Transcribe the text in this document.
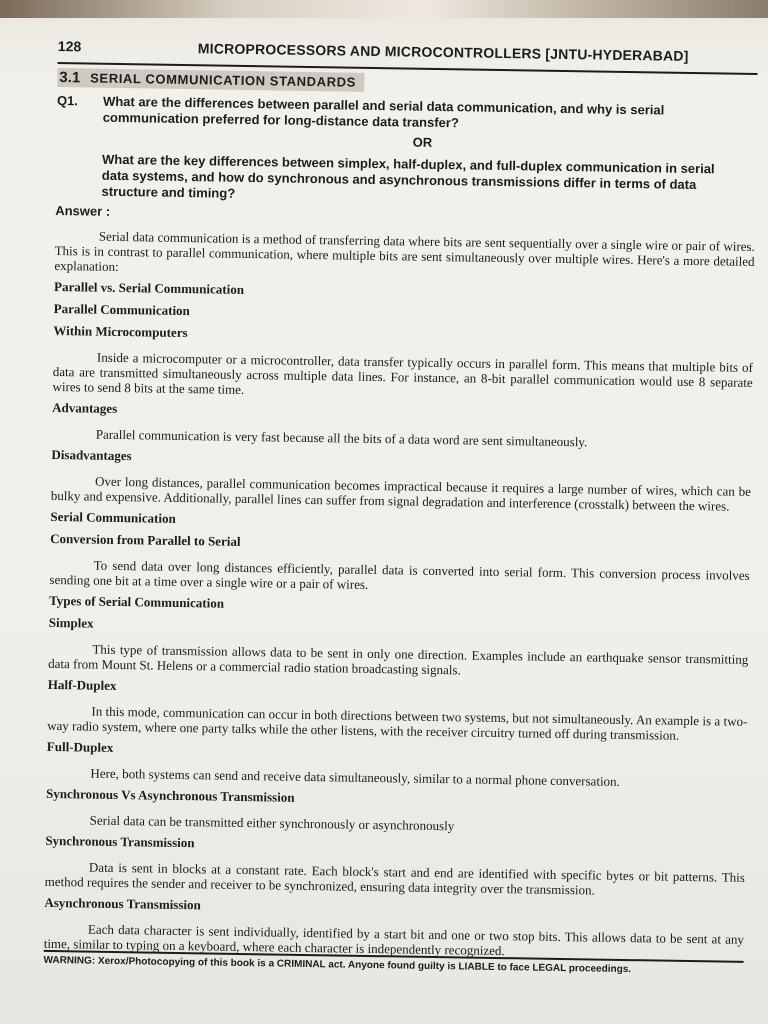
128	MICROPROCESSORS AND MICROCONTROLLERS [JNTU-HYDERABAD]
3.1 SERIAL COMMUNICATION STANDARDS
Q1.	What are the differences between parallel and serial data communication, and why is serial communication preferred for long-distance data transfer?
OR
What are the key differences between simplex, half-duplex, and full-duplex communication in serial data systems, and how do synchronous and asynchronous transmissions differ in terms of data structure and timing?
Answer :

Serial data communication is a method of transferring data where bits are sent sequentially over a single wire or pair of wires. This is in contrast to parallel communication, where multiple bits are sent simultaneously over multiple wires. Here's a more detailed explanation:

Parallel vs. Serial Communication
Parallel Communication
Within Microcomputers

Inside a microcomputer or a microcontroller, data transfer typically occurs in parallel form. This means that multiple bits of data are transmitted simultaneously across multiple data lines. For instance, an 8-bit parallel communication would use 8 separate wires to send 8 bits at the same time.

Advantages

Parallel communication is very fast because all the bits of a data word are sent simultaneously.

Disadvantages

Over long distances, parallel communication becomes impractical because it requires a large number of wires, which can be bulky and expensive. Additionally, parallel lines can suffer from signal degradation and interference (crosstalk) between the wires.

Serial Communication
Conversion from Parallel to Serial

To send data over long distances efficiently, parallel data is converted into serial form. This conversion process involves sending one bit at a time over a single wire or a pair of wires.

Types of Serial Communication
Simplex

This type of transmission allows data to be sent in only one direction. Examples include an earthquake sensor transmitting data from Mount St. Helens or a commercial radio station broadcasting signals.

Half-Duplex

In this mode, communication can occur in both directions between two systems, but not simultaneously. An example is a two-way radio system, where one party talks while the other listens, with the receiver circuitry turned off during transmission.

Full-Duplex

Here, both systems can send and receive data simultaneously, similar to a normal phone conversation.

Synchronous Vs Asynchronous Transmission

Serial data can be transmitted either synchronously or asynchronously

Synchronous Transmission

Data is sent in blocks at a constant rate. Each block's start and end are identified with specific bytes or bit patterns. This method requires the sender and receiver to be synchronized, ensuring data integrity over the transmission.

Asynchronous Transmission

Each data character is sent individually, identified by a start bit and one or two stop bits. This allows data to be sent at any time, similar to typing on a keyboard, where each character is independently recognized.

WARNING: Xerox/Photocopying of this book is a CRIMINAL act. Anyone found guilty is LIABLE to face LEGAL proceedings.
